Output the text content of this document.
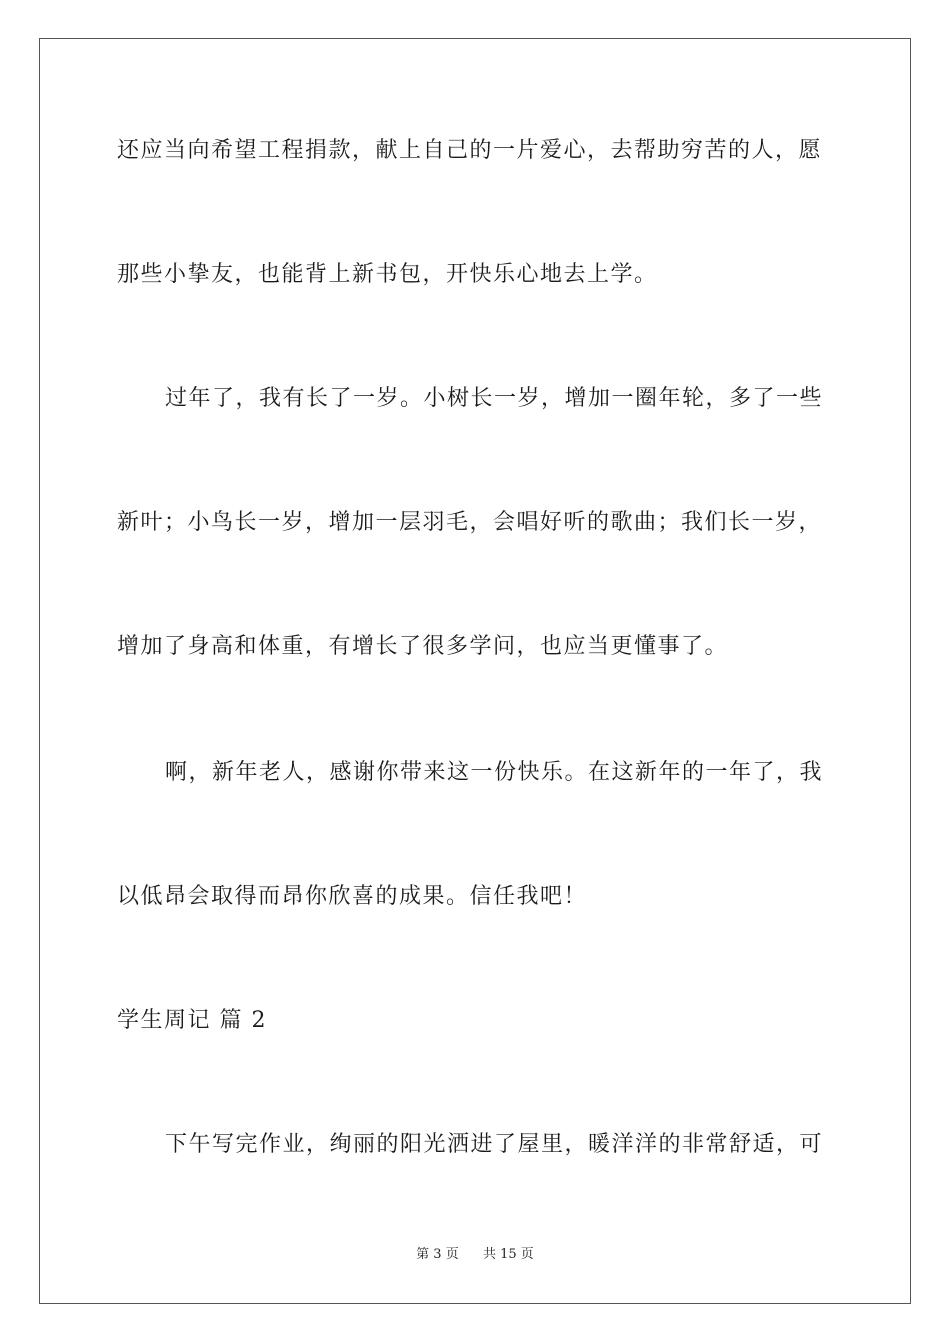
还应当向希望工程捐款，献上自己的一片爱心，去帮助穷苦的人，愿
那些小挚友，也能背上新书包，开快乐心地去上学。
过年了，我有长了一岁。小树长一岁，增加一圈年轮，多了一些
新叶；小鸟长一岁，增加一层羽毛，会唱好听的歌曲；我们长一岁，
增加了身高和体重，有增长了很多学问，也应当更懂事了。
啊，新年老人，感谢你带来这一份快乐。在这新年的一年了，我
以低昂会取得而昂你欣喜的成果。信任我吧！
学生周记 篇 2
下午写完作业，绚丽的阳光洒进了屋里，暖洋洋的非常舒适，可
第 3 页 共 15 页
